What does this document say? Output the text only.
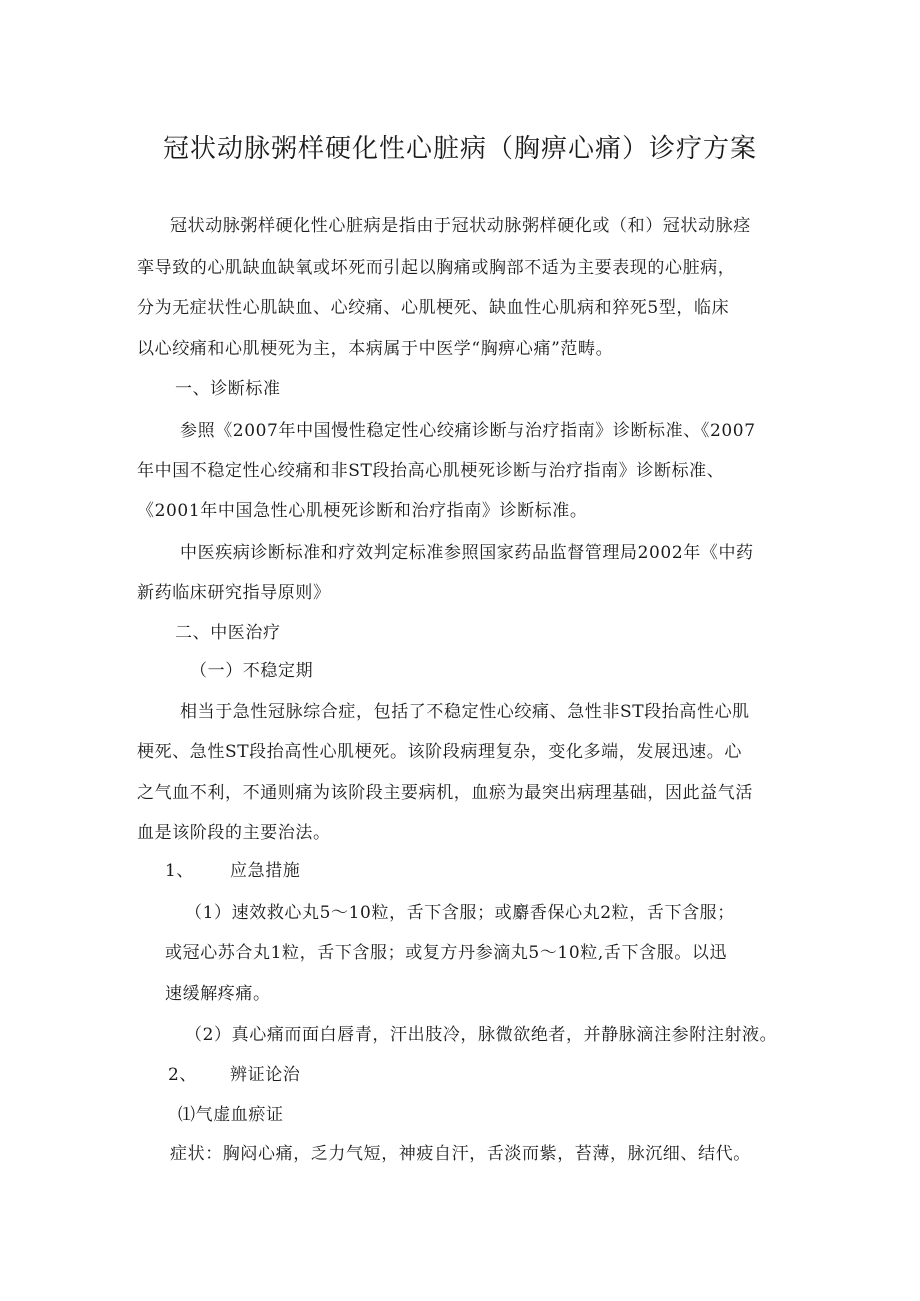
冠状动脉粥样硬化性心脏病（胸痹心痛）诊疗方案
冠状动脉粥样硬化性心脏病是指由于冠状动脉粥样硬化或（和）冠状动脉痉
挛导致的心肌缺血缺氧或坏死而引起以胸痛或胸部不适为主要表现的心脏病，
分为无症状性心肌缺血、心绞痛、心肌梗死、缺血性心肌病和猝死5型，临床
以心绞痛和心肌梗死为主，本病属于中医学“胸痹心痛”范畴。
一、诊断标准
参照《2007年中国慢性稳定性心绞痛诊断与治疗指南》诊断标准、《2007
年中国不稳定性心绞痛和非ST段抬高心肌梗死诊断与治疗指南》诊断标准、
《2001年中国急性心肌梗死诊断和治疗指南》诊断标准。
中医疾病诊断标准和疗效判定标准参照国家药品监督管理局2002年《中药
新药临床研究指导原则》
二、中医治疗
（一）不稳定期
相当于急性冠脉综合症，包括了不稳定性心绞痛、急性非ST段抬高性心肌
梗死、急性ST段抬高性心肌梗死。该阶段病理复杂，变化多端，发展迅速。心
之气血不利，不通则痛为该阶段主要病机，血瘀为最突出病理基础，因此益气活
血是该阶段的主要治法。
1、 应急措施
（1）速效救心丸5～10粒，舌下含服；或麝香保心丸2粒，舌下含服；
或冠心苏合丸1粒，舌下含服；或复方丹参滴丸5～10粒,舌下含服。以迅
速缓解疼痛。
（2）真心痛而面白唇青，汗出肢冷，脉微欲绝者，并静脉滴注参附注射液。
2、 辨证论治
⑴气虚血瘀证
症状：胸闷心痛，乏力气短，神疲自汗，舌淡而紫，苔薄，脉沉细、结代。
